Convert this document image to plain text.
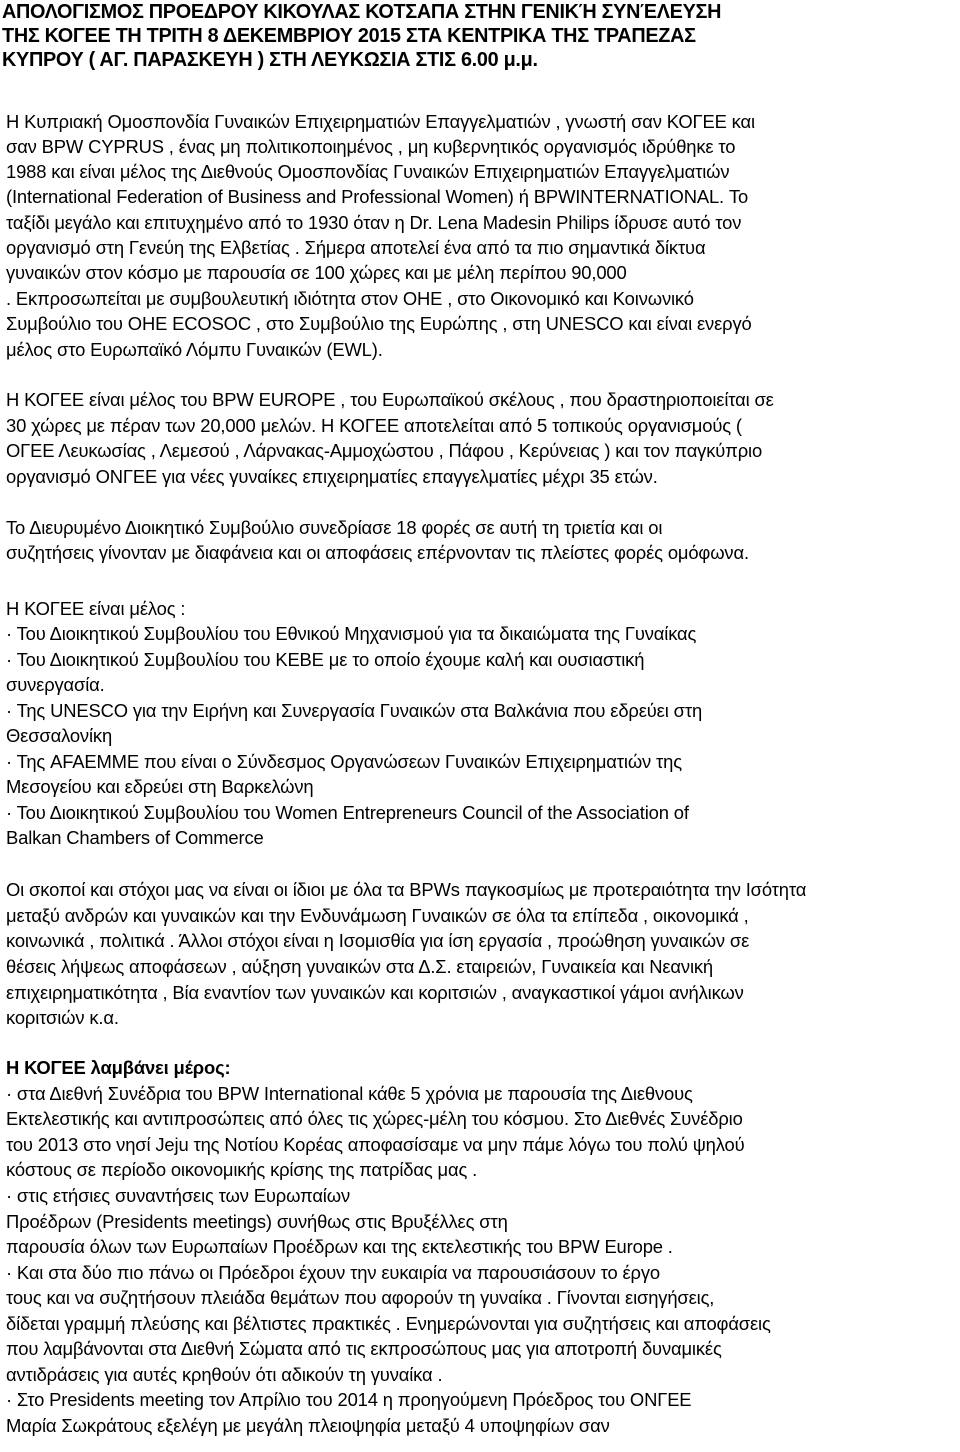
ΑΠΟΛΟΓΙΣΜΟΣ ΠΡΟΕΔΡΟΥ ΚΙΚΟΥΛΑΣ ΚΟΤΣΑΠΑ ΣΤΗΝ ΓΕΝΙΚΉ ΣΥΝΈΛΕΥΣΗ
ΤΗΣ ΚΟΓΕΕ ΤΗ ΤΡΙΤΗ 8 ΔΕΚΕΜΒΡΙΟΥ 2015 ΣΤΑ ΚΕΝΤΡΙΚΑ ΤΗΣ ΤΡΑΠΕΖΑΣ
ΚΥΠΡΟΥ ( ΑΓ. ΠΑΡΑΣΚΕΥΗ ) ΣΤΗ ΛΕΥΚΩΣΙΑ ΣΤΙΣ 6.00 μ.μ.
Η Κυπριακή Ομοσπονδία Γυναικών Επιχειρηματιών Επαγγελματιών , γνωστή σαν ΚΟΓΕΕ και
σαν BPW CYPRUS , ένας μη πολιτικοποιημένος , μη κυβερνητικός οργανισμός ιδρύθηκε το
1988 και είναι μέλος της Διεθνούς Ομοσπονδίας Γυναικών Επιχειρηματιών Επαγγελματιών
(International Federation of Business and Professional Women) ή BPWINTERNATIONAL. Το
ταξίδι μεγάλο και επιτυχημένο από το 1930 όταν η Dr. Lena Madesin Philips ίδρυσε αυτό τον
οργανισμό στη Γενεύη της Ελβετίας . Σήμερα αποτελεί ένα από τα πιο σημαντικά δίκτυα
γυναικών στον κόσμο με παρουσία σε 100 χώρες και με μέλη περίπου 90,000
. Εκπροσωπείται με συμβουλευτική ιδιότητα στον ΟΗΕ , στο Οικονομικό και Κοινωνικό
Συμβούλιο του ΟΗΕ ECOSOC , στο Συμβούλιο της Ευρώπης , στη UNESCO και είναι ενεργό
μέλος στο Ευρωπαϊκό Λόμπυ Γυναικών (EWL).
Η ΚΟΓΕΕ είναι μέλος του BPW EUROPE , του Ευρωπαϊκού σκέλους , που δραστηριοποιείται σε
30 χώρες με πέραν των 20,000 μελών. Η ΚΟΓΕΕ αποτελείται από 5 τοπικούς οργανισμούς (
ΟΓΕΕ Λευκωσίας , Λεμεσού , Λάρνακας-Αμμοχώστου , Πάφου , Κερύνειας ) και τον παγκύπριο
οργανισμό ΟΝΓΕΕ για νέες γυναίκες επιχειρηματίες επαγγελματίες μέχρι 35 ετών.
Το Διευρυμένο Διοικητικό Συμβούλιο συνεδρίασε 18 φορές σε αυτή τη τριετία και οι
συζητήσεις γίνονταν με διαφάνεια και οι αποφάσεις επέρνονταν τις πλείστες φορές ομόφωνα.
Η ΚΟΓΕΕ είναι μέλος :
· Του Διοικητικού Συμβουλίου του Εθνικού Μηχανισμού για τα δικαιώματα της Γυναίκας
· Του Διοικητικού Συμβουλίου του ΚΕΒΕ με το οποίο έχουμε καλή και ουσιαστική
συνεργασία.
· Της UNESCO για την Ειρήνη και Συνεργασία Γυναικών στα Βαλκάνια που εδρεύει στη
Θεσσαλονίκη
· Της AFAEMME που είναι ο Σύνδεσμος Οργανώσεων Γυναικών Επιχειρηματιών της
Μεσογείου και εδρεύει στη Βαρκελώνη
· Του Διοικητικού Συμβουλίου του Women Entrepreneurs Council of the Association of
Balkan Chambers of Commerce
Οι σκοποί και στόχοι μας να είναι οι ίδιοι με όλα τα BPWs παγκοσμίως με πρoτεραιότητα την Ισότητα
μεταξύ ανδρών και γυναικών και την Ενδυνάμωση Γυναικών σε όλα τα επίπεδα , οικονομικά ,
κοινωνικά , πολιτικά . Άλλοι στόχοι είναι η Ισομισθία για ίση εργασία , προώθηση γυναικών σε
θέσεις λήψεως αποφάσεων , αύξηση γυναικών στα Δ.Σ. εταιρειών, Γυναικεία και Νεανική
επιχειρηματικότητα , Βία εναντίον των γυναικών και κοριτσιών , αναγκαστικοί γάμοι ανήλικων
κοριτσιών κ.α.
Η ΚΟΓΕΕ λαμβάνει μέρος:
· στα Διεθνή Συνέδρια του BPW International κάθε 5 χρόνια με παρουσία της Διεθνους
Εκτελεστικής και αντιπροσώπεις από όλες τις χώρες-μέλη του κόσμου. Στο Διεθνές Συνέδριο
του 2013 στο νησί Jeju της Νοτίου Κορέας αποφασίσαμε να μην πάμε λόγω του πολύ ψηλού
κόστους σε περίοδο οικονομικής κρίσης της πατρίδας μας .
· στις ετήσιες συναντήσεις των Ευρωπαίων
Προέδρων (Presidents meetings) συνήθως στις Βρυξέλλες στη
παρουσία όλων των Ευρωπαίων Προέδρων και της εκτελεστικής του BPW Europe .
· Και στα δύο πιο πάνω οι Πρόεδροι έχουν την ευκαιρία να παρουσιάσουν το έργο
τους και να συζητήσουν πλειάδα θεμάτων που αφορούν τη γυναίκα . Γίνονται εισηγήσεις,
δίδεται γραμμή πλεύσης και βέλτιστες πρακτικές . Ενημερώνονται για συζητήσεις και αποφάσεις
που λαμβάνονται στα Διεθνή Σώματα από τις εκπροσώπους μας για αποτροπή δυναμικές
αντιδράσεις για αυτές κρηθούν ότι αδικούν τη γυναίκα .
· Στο Presidents meeting τον Απρίλιο του 2014 η προηγούμενη Πρόεδρος του ΟΝΓΕΕ
Μαρία Σωκράτους εξελέγη με μεγάλη πλειοψηφία μεταξύ 4 υποψηφίων σαν
